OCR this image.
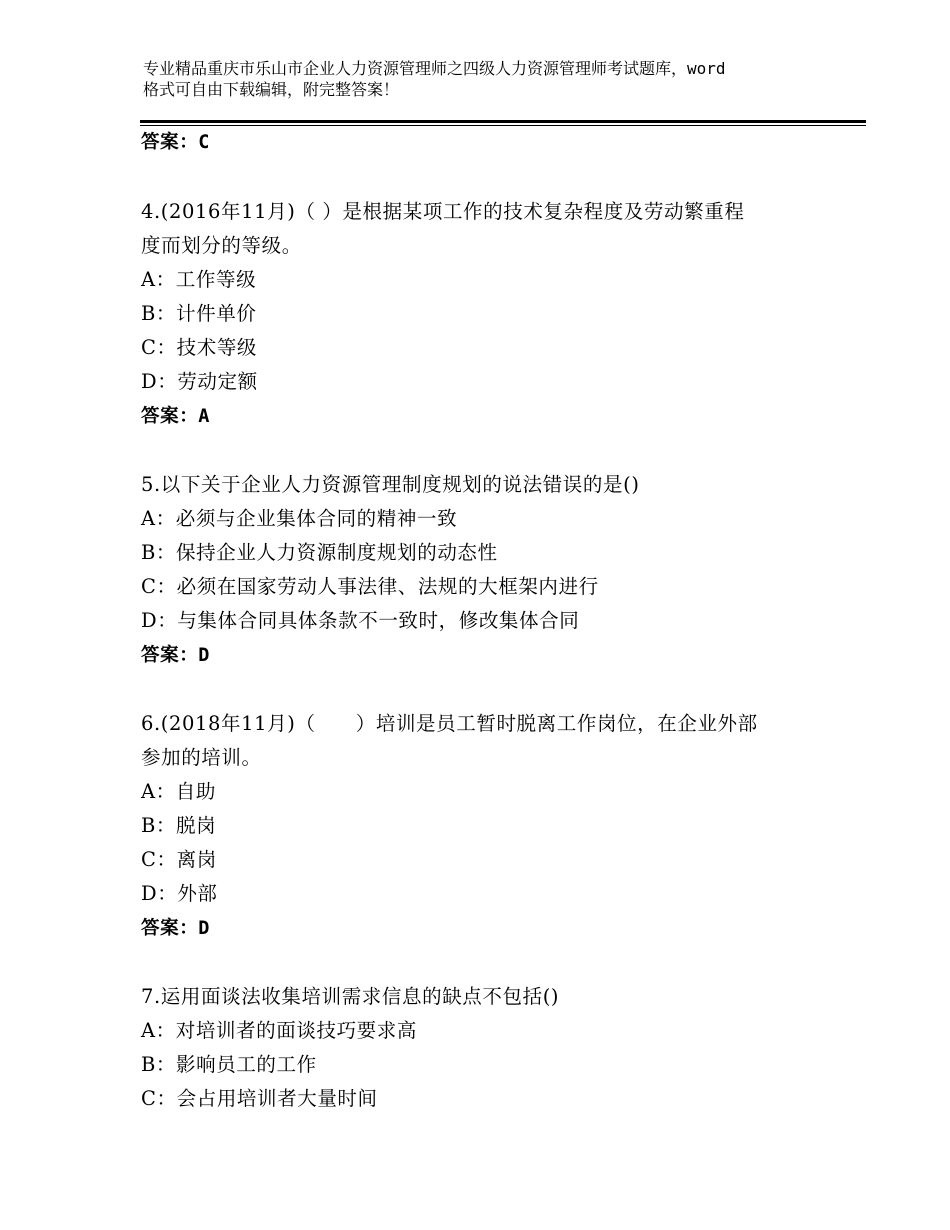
专业精品重庆市乐山市企业人力资源管理师之四级人力资源管理师考试题库，word
格式可自由下载编辑，附完整答案！
答案：C
4.(2016年11月)（ ）是根据某项工作的技术复杂程度及劳动繁重程
度而划分的等级。
A：工作等级
B：计件单价
C：技术等级
D：劳动定额
答案：A
5.以下关于企业人力资源管理制度规划的说法错误的是()
A：必须与企业集体合同的精神一致
B：保持企业人力资源制度规划的动态性
C：必须在国家劳动人事法律、法规的大框架内进行
D：与集体合同具体条款不一致时，修改集体合同
答案：D
6.(2018年11月)（　　）培训是员工暂时脱离工作岗位，在企业外部
参加的培训。
A：自助
B：脱岗
C：离岗
D：外部
答案：D
7.运用面谈法收集培训需求信息的缺点不包括()
A：对培训者的面谈技巧要求高
B：影响员工的工作
C：会占用培训者大量时间
